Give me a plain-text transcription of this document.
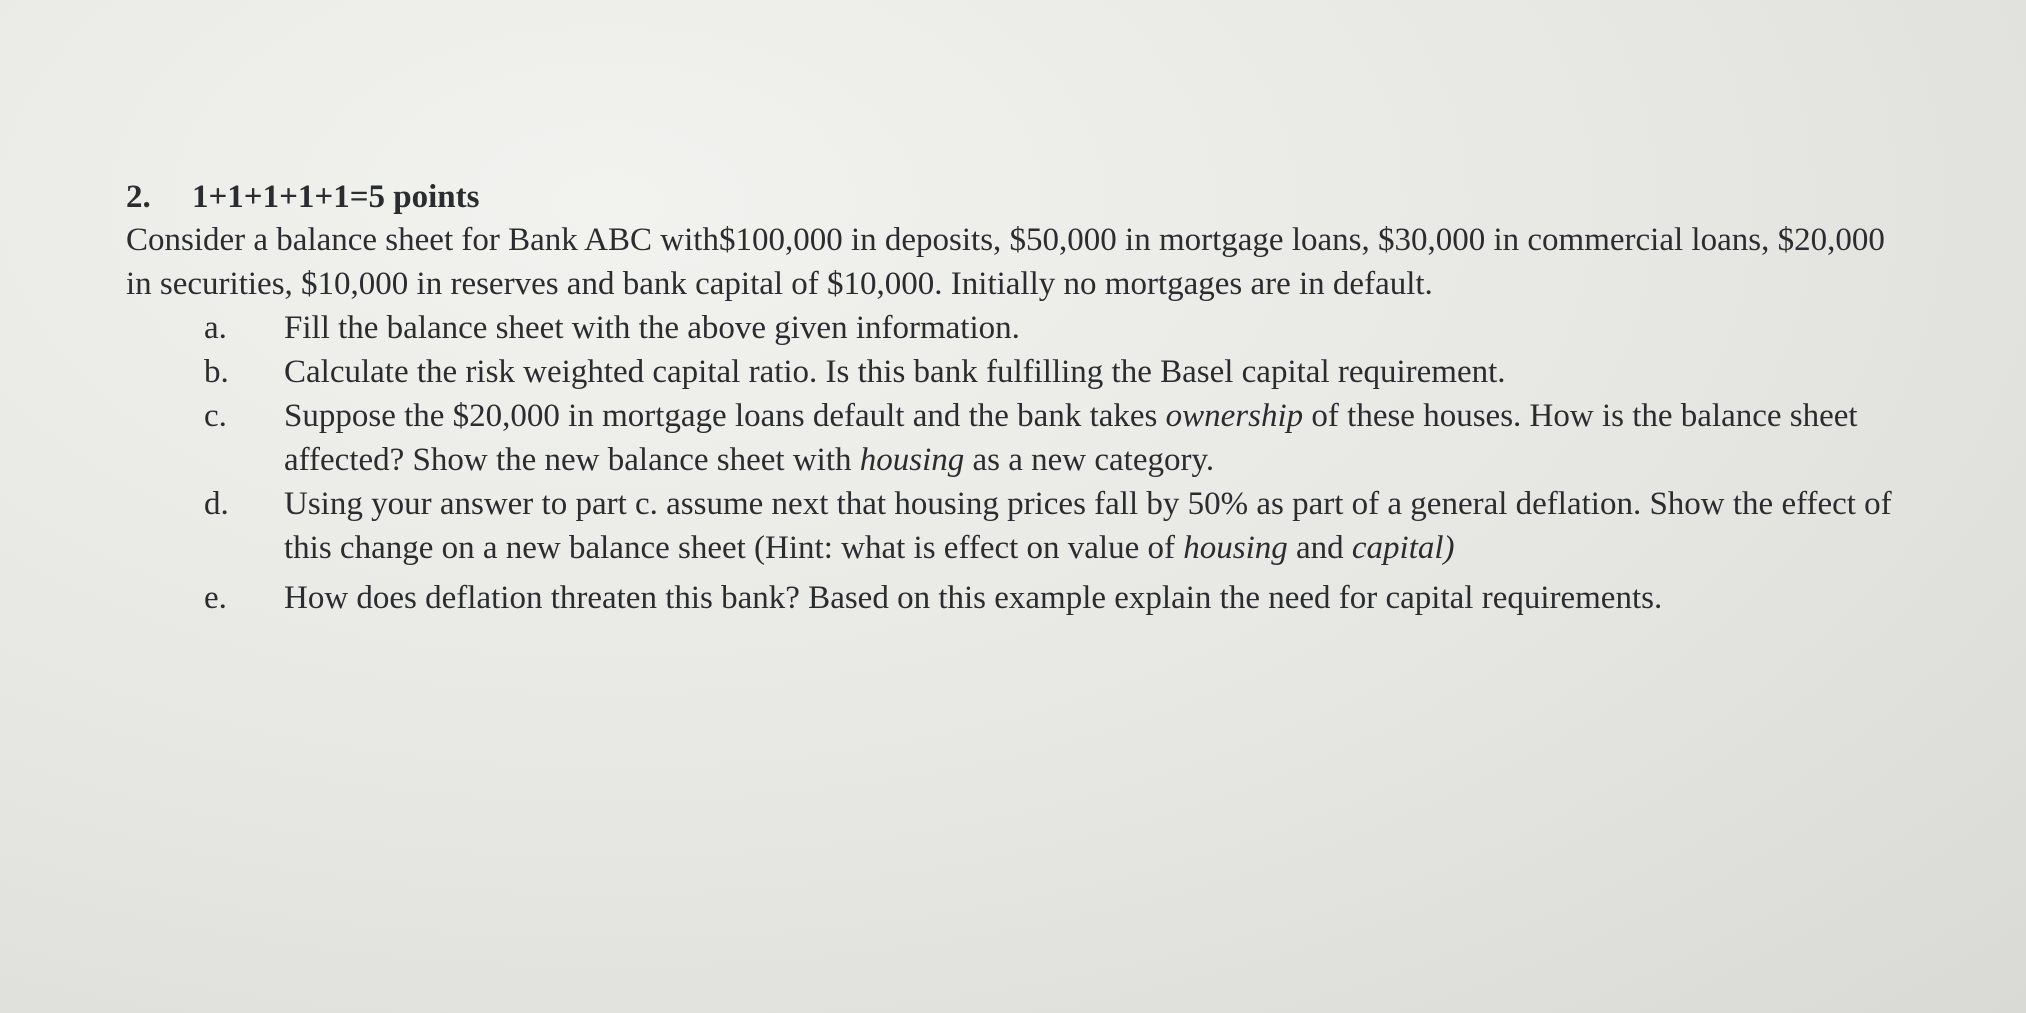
2. 1+1+1+1+1=5 points

Consider a balance sheet for Bank ABC with$100,000 in deposits, $50,000 in mortgage loans, $30,000 in commercial loans, $20,000 in securities, $10,000 in reserves and bank capital of $10,000. Initially no mortgages are in default.

a.	Fill the balance sheet with the above given information.
b.	Calculate the risk weighted capital ratio. Is this bank fulfilling the Basel capital requirement.
c.	Suppose the $20,000 in mortgage loans default and the bank takes ownership of these houses. How is the balance sheet affected? Show the new balance sheet with housing as a new category.
d.	Using your answer to part c. assume next that housing prices fall by 50% as part of a general deflation. Show the effect of this change on a new balance sheet (Hint: what is effect on value of housing and capital)
e.	How does deflation threaten this bank? Based on this example explain the need for capital requirements.
